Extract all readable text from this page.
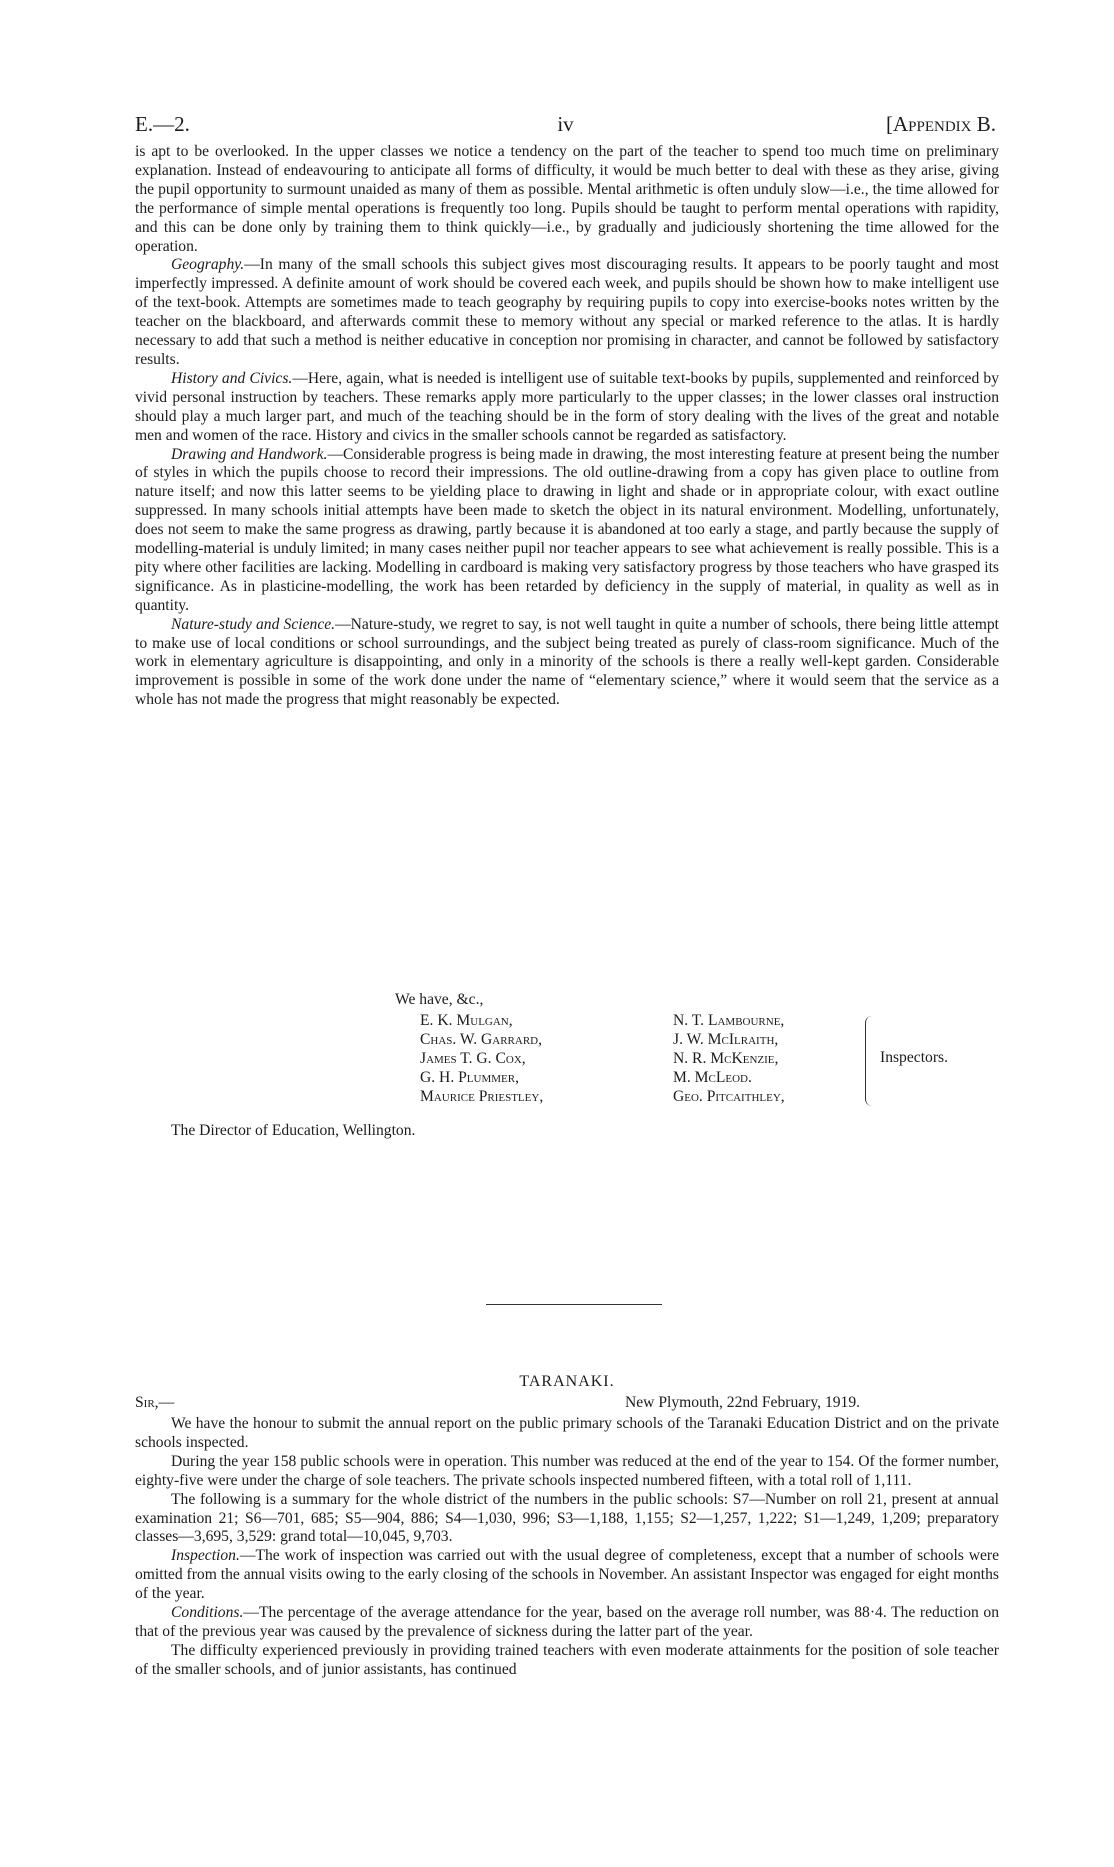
E.—2.	iv	[Appendix B.

is apt to be overlooked. In the upper classes we notice a tendency on the part of the teacher to spend too much time on preliminary explanation. Instead of endeavouring to anticipate all forms of difficulty, it would be much better to deal with these as they arise, giving the pupil opportunity to surmount unaided as many of them as possible. Mental arithmetic is often unduly slow—i.e., the time allowed for the performance of simple mental operations is frequently too long. Pupils should be taught to perform mental operations with rapidity, and this can be done only by training them to think quickly—i.e., by gradually and judiciously shortening the time allowed for the operation.

Geography.—In many of the small schools this subject gives most discouraging results. It appears to be poorly taught and most imperfectly impressed. A definite amount of work should be covered each week, and pupils should be shown how to make intelligent use of the text-book. Attempts are sometimes made to teach geography by requiring pupils to copy into exercise-books notes written by the teacher on the blackboard, and afterwards commit these to memory without any special or marked reference to the atlas. It is hardly necessary to add that such a method is neither educative in conception nor promising in character, and cannot be followed by satisfactory results.

History and Civics.—Here, again, what is needed is intelligent use of suitable text-books by pupils, supplemented and reinforced by vivid personal instruction by teachers. These remarks apply more particularly to the upper classes; in the lower classes oral instruction should play a much larger part, and much of the teaching should be in the form of story dealing with the lives of the great and notable men and women of the race. History and civics in the smaller schools cannot be regarded as satisfactory.

Drawing and Handwork.—Considerable progress is being made in drawing, the most interesting feature at present being the number of styles in which the pupils choose to record their impressions. The old outline-drawing from a copy has given place to outline from nature itself; and now this latter seems to be yielding place to drawing in light and shade or in appropriate colour, with exact outline suppressed. In many schools initial attempts have been made to sketch the object in its natural environment. Modelling, unfortunately, does not seem to make the same progress as drawing, partly because it is abandoned at too early a stage, and partly because the supply of modelling-material is unduly limited; in many cases neither pupil nor teacher appears to see what achievement is really possible. This is a pity where other facilities are lacking. Modelling in cardboard is making very satisfactory progress by those teachers who have grasped its significance. As in plasticine-modelling, the work has been retarded by deficiency in the supply of material, in quality as well as in quantity.

Nature-study and Science.—Nature-study, we regret to say, is not well taught in quite a number of schools, there being little attempt to make use of local conditions or school surroundings, and the subject being treated as purely of class-room significance. Much of the work in elementary agriculture is disappointing, and only in a minority of the schools is there a really well-kept garden. Considerable improvement is possible in some of the work done under the name of “elementary science,” where it would seem that the service as a whole has not made the progress that might reasonably be expected.

We have, &c.,
E. K. Mulgan,
Chas. W. Garrard,
James T. G. Cox,
G. H. Plummer,
Maurice Priestley,
N. T. Lambourne,
J. W. McIlraith,
N. R. McKenzie,
M. McLeod.
Geo. Pitcaithley,
Inspectors.
The Director of Education, Wellington.
TARANAKI.
Sir,—	New Plymouth, 22nd February, 1919.

We have the honour to submit the annual report on the public primary schools of the Taranaki Education District and on the private schools inspected.

During the year 158 public schools were in operation. This number was reduced at the end of the year to 154. Of the former number, eighty-five were under the charge of sole teachers. The private schools inspected numbered fifteen, with a total roll of 1,111.

The following is a summary for the whole district of the numbers in the public schools: S7—Number on roll 21, present at annual examination 21; S6—701, 685; S5—904, 886; S4—1,030, 996; S3—1,188, 1,155; S2—1,257, 1,222; S1—1,249, 1,209; preparatory classes—3,695, 3,529: grand total—10,045, 9,703.

Inspection.—The work of inspection was carried out with the usual degree of completeness, except that a number of schools were omitted from the annual visits owing to the early closing of the schools in November. An assistant Inspector was engaged for eight months of the year.

Conditions.—The percentage of the average attendance for the year, based on the average roll number, was 88·4. The reduction on that of the previous year was caused by the prevalence of sickness during the latter part of the year.

The difficulty experienced previously in providing trained teachers with even moderate attainments for the position of sole teacher of the smaller schools, and of junior assistants, has continued
